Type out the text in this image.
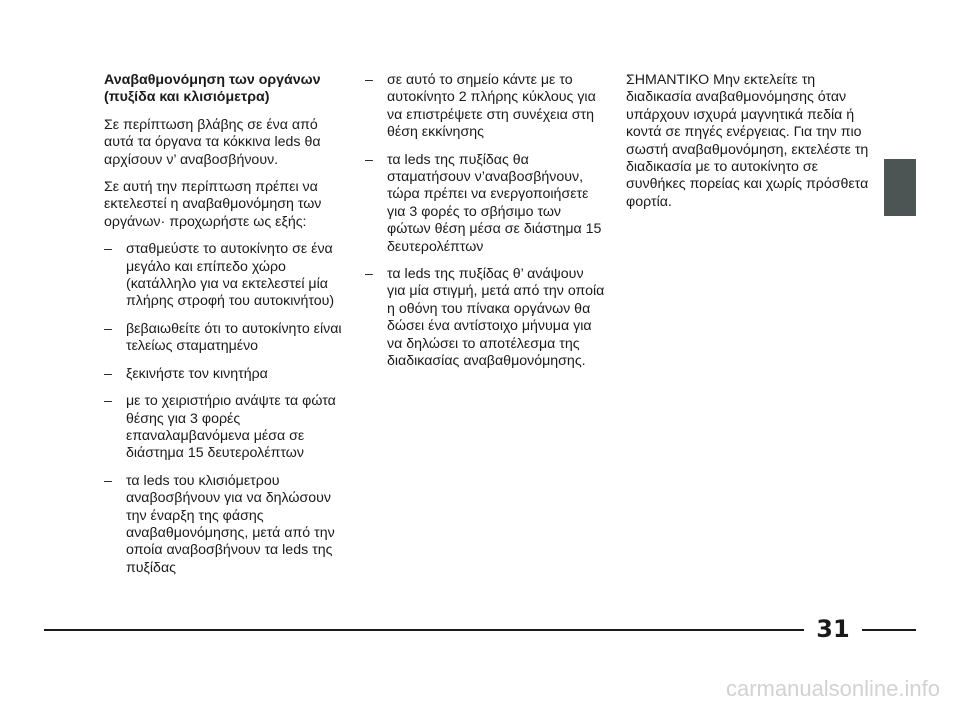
Αναβαθμονόμηση των οργάνων
(πυξίδα και κλισιόμετρα)

Σε περίπτωση βλάβης σε ένα από αυτά τα όργανα τα κόκκινα leds θα αρχίσουν ν’ αναβοσβήνουν.

Σε αυτή την περίπτωση πρέπει να εκτελεστεί η αναβαθμονόμηση των οργάνων· προχωρήστε ως εξής:

– σταθμεύστε το αυτοκίνητο σε ένα μεγάλο και επίπεδο χώρο (κατάλληλο για να εκτελεστεί μία πλήρης στροφή του αυτοκινήτου)
– βεβαιωθείτε ότι το αυτοκίνητο είναι τελείως σταματημένο
– ξεκινήστε τον κινητήρα
– με το χειριστήριο ανάψτε τα φώτα θέσης για 3 φορές επαναλαμβανόμενα μέσα σε διάστημα 15 δευτερολέπτων
– τα leds του κλισιόμετρου αναβοσβήνουν για να δηλώσουν την έναρξη της φάσης αναβαθμονόμησης, μετά από την οποία αναβοσβήνουν τα leds της πυξίδας
– σε αυτό το σημείο κάντε με το αυτοκίνητο 2 πλήρης κύκλους για να επιστρέψετε στη συνέχεια στη θέση εκκίνησης
– τα leds της πυξίδας θα σταματήσουν ν’αναβοσβήνουν, τώρα πρέπει να ενεργοποιήσετε για 3 φορές το σβήσιμο των φώτων θέση μέσα σε διάστημα 15 δευτερολέπτων
– τα leds της πυξίδας θ’ ανάψουν για μία στιγμή, μετά από την οποία η οθόνη του πίνακα οργάνων θα δώσει ένα αντίστοιχο μήνυμα για να δηλώσει το αποτέλεσμα της διαδικασίας αναβαθμονόμησης.

ΣΗΜΑΝΤΙΚΟ Μην εκτελείτε τη διαδικασία αναβαθμονόμησης όταν υπάρχουν ισχυρά μαγνητικά πεδία ή κοντά σε πηγές ενέργειας. Για την πιο σωστή αναβαθμονόμηση, εκτελέστε τη διαδικασία με το αυτοκίνητο σε συνθήκες πορείας και χωρίς πρόσθετα φορτία.

31
carmanualsonline.info
